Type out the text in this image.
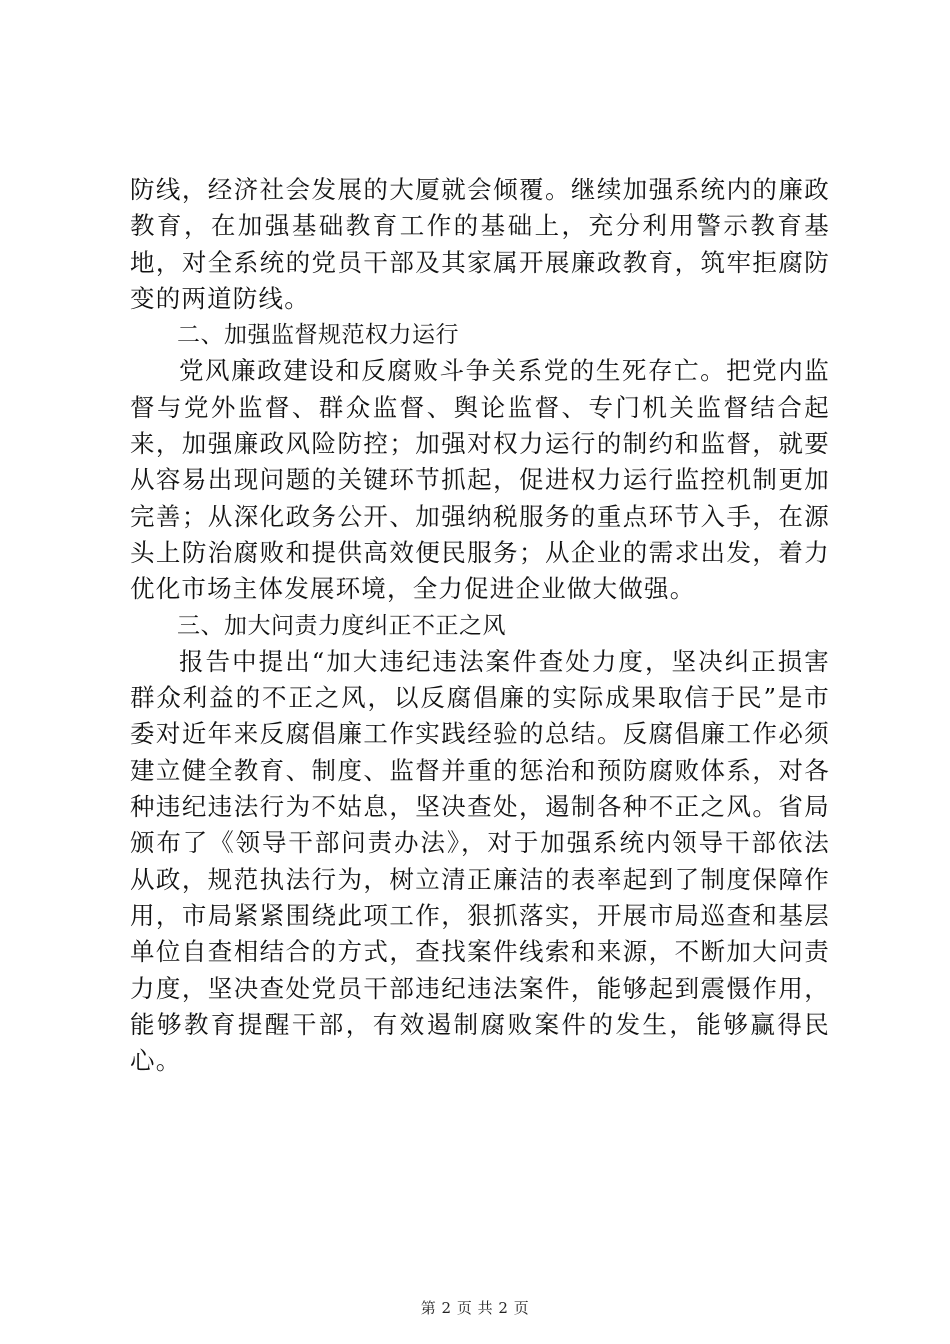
防线，经济社会发展的大厦就会倾覆。继续加强系统内的廉政教育，在加强基础教育工作的基础上，充分利用警示教育基地，对全系统的党员干部及其家属开展廉政教育，筑牢拒腐防变的两道防线。

二、加强监督规范权力运行

党风廉政建设和反腐败斗争关系党的生死存亡。把党内监督与党外监督、群众监督、舆论监督、专门机关监督结合起来，加强廉政风险防控；加强对权力运行的制约和监督，就要从容易出现问题的关键环节抓起，促进权力运行监控机制更加完善；从深化政务公开、加强纳税服务的重点环节入手，在源头上防治腐败和提供高效便民服务；从企业的需求出发，着力优化市场主体发展环境，全力促进企业做大做强。

三、加大问责力度纠正不正之风

报告中提出“加大违纪违法案件查处力度，坚决纠正损害群众利益的不正之风，以反腐倡廉的实际成果取信于民”是市委对近年来反腐倡廉工作实践经验的总结。反腐倡廉工作必须建立健全教育、制度、监督并重的惩治和预防腐败体系，对各种违纪违法行为不姑息，坚决查处，遏制各种不正之风。省局颁布了《领导干部问责办法》，对于加强系统内领导干部依法从政，规范执法行为，树立清正廉洁的表率起到了制度保障作用，市局紧紧围绕此项工作，狠抓落实，开展市局巡查和基层单位自查相结合的方式，查找案件线索和来源，不断加大问责力度，坚决查处党员干部违纪违法案件，能够起到震慑作用，能够教育提醒干部，有效遏制腐败案件的发生，能够赢得民心。

第 2 页 共 2 页
